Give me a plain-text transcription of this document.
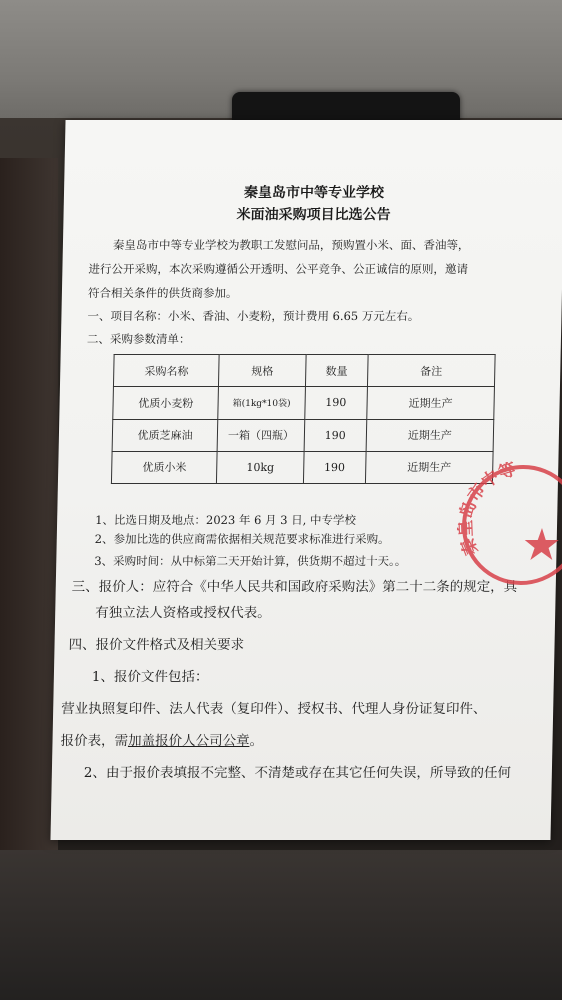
秦皇岛市中等专业学校
米面油采购项目比选公告
秦皇岛市中等专业学校为教职工发慰问品，预购置小米、面、香油等，
进行公开采购，本次采购遵循公开透明、公平竞争、公正诚信的原则，邀请
符合相关条件的供货商参加。
一、项目名称：小米、香油、小麦粉，预计费用 6.65 万元左右。
二、采购参数清单：
采购名称	规格	数量	备注
优质小麦粉	箱(1kg*10袋)	190	近期生产
优质芝麻油	一箱（四瓶）	190	近期生产
优质小米	10kg	190	近期生产
1、比选日期及地点：2023 年 6 月 3 日, 中专学校
2、参加比选的供应商需依据相关规范要求标准进行采购。
3、采购时间：从中标第二天开始计算，供货期不超过十天。。
三、报价人：应符合《中华人民共和国政府采购法》第二十二条的规定，具
有独立法人资格或授权代表。
四、报价文件格式及相关要求
1、报价文件包括：
营业执照复印件、法人代表（复印件）、授权书、代理人身份证复印件、
报价表，需加盖报价人公司公章。
2、由于报价表填报不完整、不清楚或存在其它任何失误，所导致的任何
秦皇岛市中等
